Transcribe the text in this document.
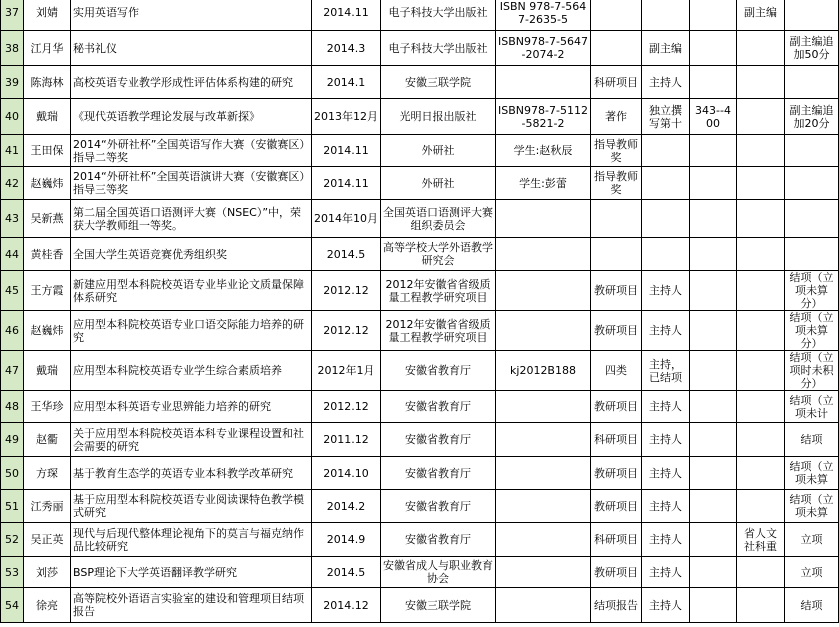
37	刘婧	实用英语写作	2014.11	电子科技大学出版社	ISBN 978-7-5647-2635-5				副主编	
38	江月华	秘书礼仪	2014.3	电子科技大学出版社	ISBN978-7-5647-2074-2		副主编			副主编追加50分
39	陈海林	高校英语专业教学形成性评估体系构建的研究	2014.1	安徽三联学院		科研项目	主持人			
40	戴瑞	《现代英语教学理论发展与改革新探》	2013年12月	光明日报出版社	ISBN978-7-5112-5821-2	著作	独立撰写第十	343--400		副主编追加20分
41	王田保	2014“外研社杯”全国英语写作大赛（安徽赛区）指导二等奖	2014.11	外研社	学生:赵秋辰	指导教师奖				
42	赵巍炜	2014“外研社杯”全国英语演讲大赛（安徽赛区）指导三等奖	2014.11	外研社	学生:彭蕾	指导教师奖				
43	吴新燕	第二届全国英语口语测评大赛（NSEC）”中，荣获大学教师组一等奖。	2014年10月	全国英语口语测评大赛组织委员会						
44	黄桂香	全国大学生英语竞赛优秀组织奖	2014.5	高等学校大学外语教学研究会						
45	王方霞	新建应用型本科院校英语专业毕业论文质量保障体系研究	2012.12	2012年安徽省省级质量工程教学研究项目		教研项目	主持人			结项（立项未算分）
46	赵巍炜	应用型本科院校英语专业口语交际能力培养的研究	2012.12	2012年安徽省省级质量工程教学研究项目		教研项目	主持人			结项（立项未算分）
47	戴瑞	应用型本科院校英语专业学生综合素质培养	2012年1月	安徽省教育厅	kj2012B188	四类	主持，已结项			结项（立项时未积分）
48	王华珍	应用型本科英语专业思辨能力培养的研究	2012.12	安徽省教育厅		教研项目	主持人			结项（立项未计
49	赵衢	关于应用型本科院校英语本科专业课程设置和社会需要的研究	2011.12	安徽省教育厅		科研项目	主持人			结项
50	方琛	基于教育生态学的英语专业本科教学改革研究	2014.10	安徽省教育厅		教研项目	主持人			结项（立项未算
51	江秀丽	基于应用型本科院校英语专业阅读课特色教学模式研究	2014.2	安徽省教育厅		教研项目	主持人			结项（立项未算
52	吴正英	现代与后现代整体理论视角下的莫言与福克纳作品比较研究	2014.9	安徽省教育厅		科研项目	主持人		省人文社科重	立项
53	刘莎	BSP理论下大学英语翻译教学研究	2014.5	安徽省成人与职业教育协会		教研项目	主持人			立项
54	徐亮	高等院校外语语言实验室的建设和管理项目结项报告	2014.12	安徽三联学院		结项报告	主持人			结项
